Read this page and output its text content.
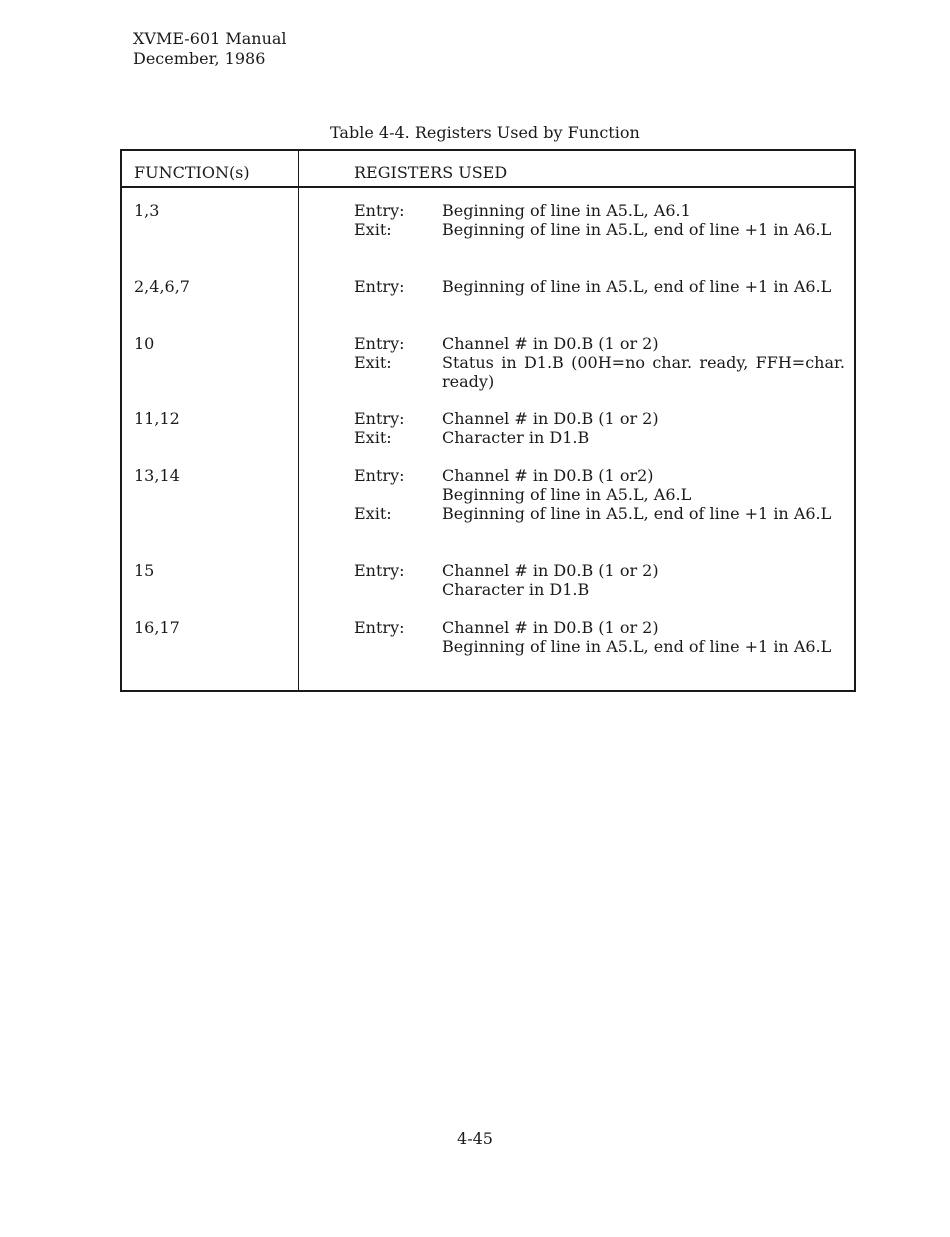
XVME-601 Manual
December, 1986
Table 4-4. Registers Used by Function
FUNCTION(s)	REGISTERS USED
1,3	Entry: Beginning of line in A5.L, A6.1
Exit:	Beginning of line in A5.L, end of line +1 in A6.L
2,4,6,7	Entry: Beginning of line in A5.L, end of line +1 in A6.L
10	Entry: Channel # in D0.B (1 or 2)
Exit:	Status in D1.B (00H=no char. ready, FFH=char. ready)
11,12	Entry: Channel # in D0.B (1 or 2)
Exit:	Character in D1.B
13,14	Entry: Channel # in D0.B (1 or2)
Beginning of line in A5.L, A6.L
Exit:	Beginning of line in A5.L, end of line +1 in A6.L
15	Entry: Channel # in D0.B (1 or 2)
Character in D1.B
16,17	Entry: Channel # in D0.B (1 or 2)
Beginning of line in A5.L, end of line +1 in A6.L
4-45
